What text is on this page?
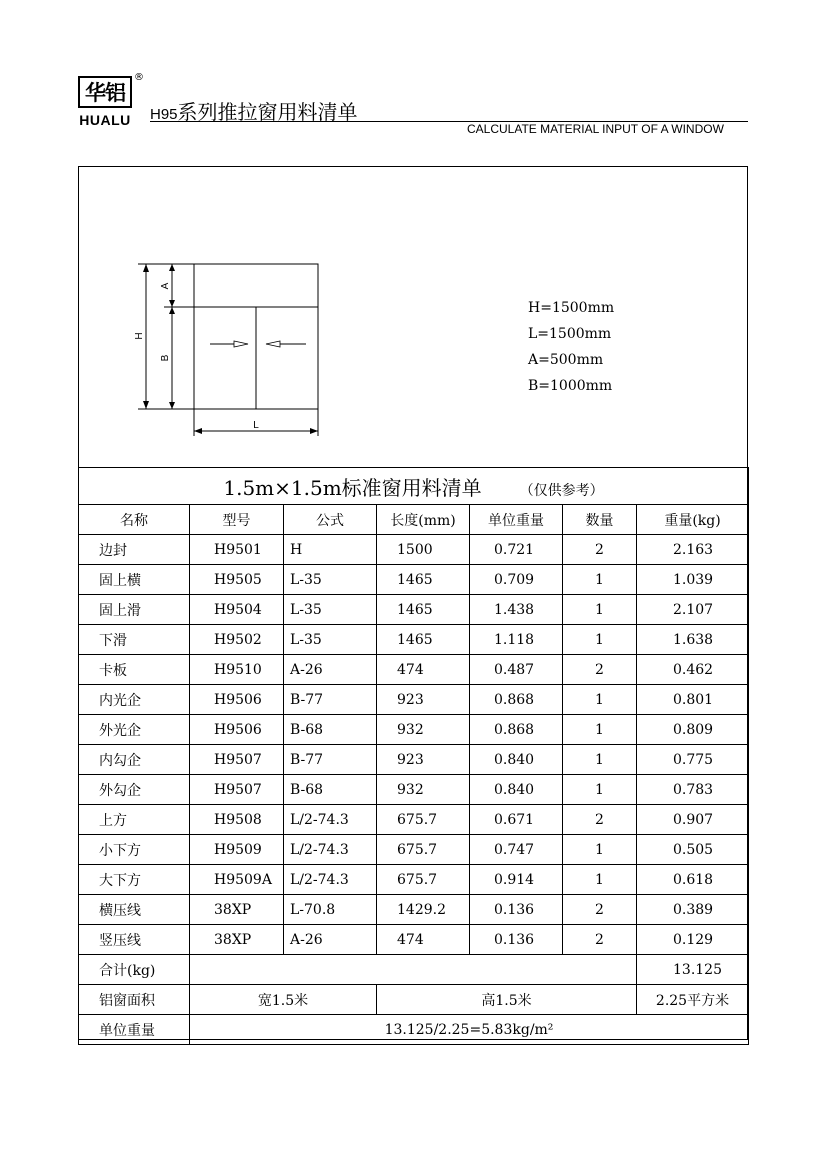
华铝
HUALU
®
H95系列推拉窗用料清单
CALCULATE MATERIAL INPUT OF A WINDOW
H
A
B
L
H=1500mm
L=1500mm
A=500mm
B=1000mm
1.5m×1.5m标准窗用料清单 （仅供参考）						
名称	型号	公式	长度(mm)	单位重量	数量	重量(kg)
边封	H9501	H	1500	0.721	2	2.163
固上横	H9505	L-35	1465	0.709	1	1.039
固上滑	H9504	L-35	1465	1.438	1	2.107
下滑	H9502	L-35	1465	1.118	1	1.638
卡板	H9510	A-26	474	0.487	2	0.462
内光企	H9506	B-77	923	0.868	1	0.801
外光企	H9506	B-68	932	0.868	1	0.809
内勾企	H9507	B-77	923	0.840	1	0.775
外勾企	H9507	B-68	932	0.840	1	0.783
上方	H9508	L/2-74.3	675.7	0.671	2	0.907
小下方	H9509	L/2-74.3	675.7	0.747	1	0.505
大下方	H9509A	L/2-74.3	675.7	0.914	1	0.618
横压线	38XP	L-70.8	1429.2	0.136	2	0.389
竖压线	38XP	A-26	474	0.136	2	0.129
合计(kg)						13.125
铝窗面积	宽1.5米		高1.5米			2.25平方米
单位重量	13.125/2.25=5.83kg/m²					
